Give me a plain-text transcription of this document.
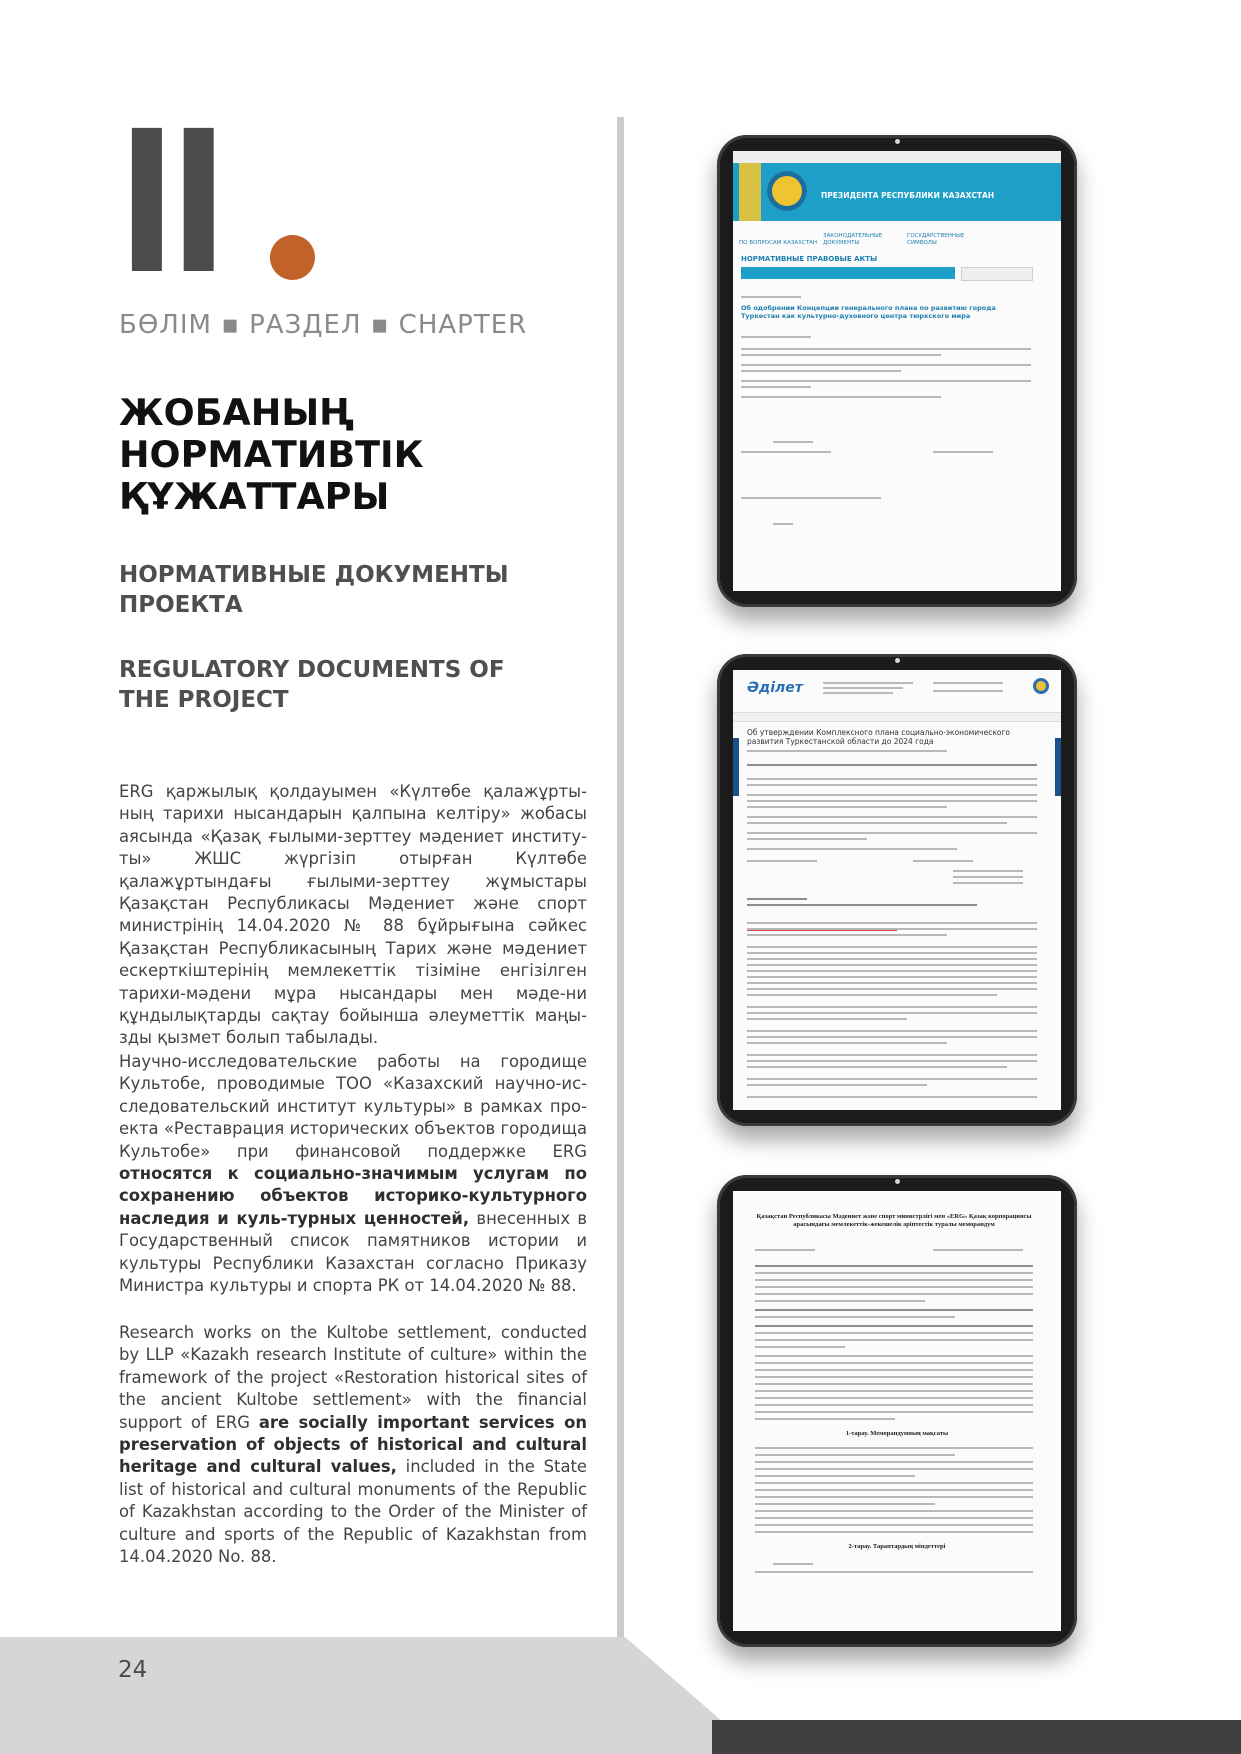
II
БӨЛІМ ▪ РАЗДЕЛ ▪ CHAPTER
ЖОБАНЫҢ НОРМАТИВТІК ҚҰЖАТТАРЫ
НОРМАТИВНЫЕ ДОКУМЕНТЫ ПРОЕКТА
REGULATORY DOCUMENTS OF THE PROJECT

ERG қаржылық қолдауымен «Күлтөбе қалажұрты-ның тарихи нысандарын қалпына келтіру» жобасы аясында «Қазақ ғылыми-зерттеу мәдениет институ-ты» ЖШС жүргізіп отырған Күлтөбе қалажұртындағы ғылыми-зерттеу жұмыстары Қазақстан Республикасы Мәдениет және спорт министрінің 14.04.2020 № 88 бұйрығына сәйкес Қазақстан Республикасының Тарих және мәдениет ескерткіштерінің мемлекеттік тізіміне енгізілген тарихи-мәдени мұра нысандары мен мәде-ни құндылықтарды сақтау бойынша әлеуметтік маңы-зды қызмет болып табылады.

Научно-исследовательские работы на городище Культобе, проводимые ТОО «Казахский научно-ис-следовательский институт культуры» в рамках про-екта «Реставрация исторических объектов городища Культобе» при финансовой поддержке ERG относятся к социально-значимым услугам по сохранению объектов историко-культурного наследия и куль-турных ценностей, внесенных в Государственный список памятников истории и культуры Республики Казахстан согласно Приказу Министра культуры и спорта РК от 14.04.2020 № 88.

Research works on the Kultobe settlement, conducted by LLP «Kazakh research Institute of culture» within the framework of the project «Restoration historical sites of the ancient Kultobe settlement» with the financial support of ERG are socially important services on preservation of objects of historical and cultural heritage and cultural values, included in the State list of historical and cultural monuments of the Republic of Kazakhstan according to the Order of the Minister of culture and sports of the Republic of Kazakhstan from 14.04.2020 No. 88.

24
ПРЕЗИДЕНТА РЕСПУБЛИКИ КАЗАХСТАН
ПО ВОПРОСАМ КАЗАХСТАНЗАКОНОДАТЕЛЬНЫЕ ДОКУМЕНТЫГОСУДАРСТВЕННЫЕ СИМВОЛЫ
НОРМАТИВНЫЕ ПРАВОВЫЕ АКТЫ
Об одобрении Концепции генерального плана по развитию города Туркестан как культурно-духовного центра тюркского мира
Әділет
Об утверждении Комплексного плана социально-экономического развития Туркестанской области до 2024 года
Қазақстан Республикасы Мәдениет және спорт министрлігі мен «ERG» Қазақ корпорациясы арасындағы мемлекеттік-жекешелік әріптестік туралы меморандум
1-тарау. Меморандумның мақсаты
2-тарау. Тараптардың міндеттері
